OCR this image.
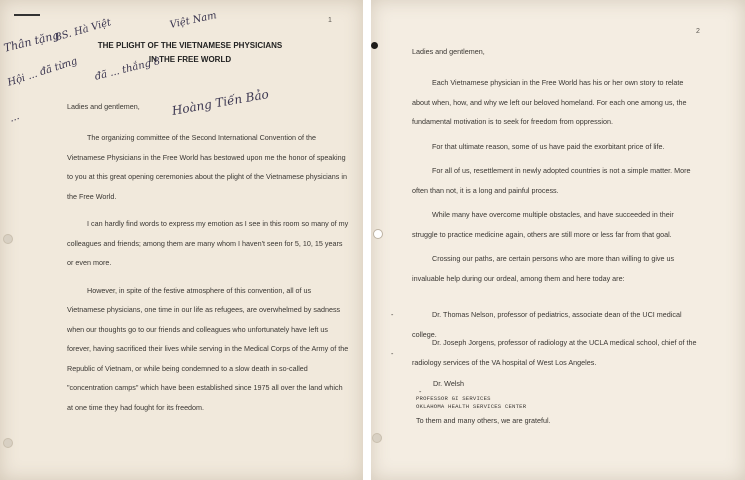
1
THE PLIGHT OF THE VIETNAMESE PHYSICIANS
IN THE FREE WORLD
Ladies and gentlemen,

The organizing committee of the Second International Convention of the Vietnamese Physicians in the Free World has bestowed upon me the honor of speaking to you at this great opening ceremonies about the plight of the Vietnamese physicians in the Free World.

I can hardly find words to express my emotion as I see in this room so many of my colleagues and friends; among them are many whom I haven't seen for 5, 10, 15 years or even more.

However, in spite of the festive atmosphere of this convention, all of us Vietnamese physicians, one time in our life as refugees, are overwhelmed by sadness when our thoughts go to our friends and colleagues who unfortunately have left us forever, having sacrificed their lives while serving in the Medical Corps of the Army of the Republic of Vietnam, or while being condemned to a slow death in so-called "concentration camps" which have been established since 1975 all over the land which at one time they had fought for its freedom.

Thân tặng
BS. Hà Việt	Việt Nam
Hội ... đã từng đã ... thắng 8
...	Hoàng Tiến Bảo
2
Ladies and gentlemen,

Each Vietnamese physician in the Free World has his or her own story to relate about when, how, and why we left our beloved homeland. For each one among us, the fundamental motivation is to seek for freedom from oppression.

For that ultimate reason, some of us have paid the exorbitant price of life.

For all of us, resettlement in newly adopted countries is not a simple matter. More often than not, it is a long and painful process.

While many have overcome multiple obstacles, and have succeeded in their struggle to practice medicine again, others are still more or less far from that goal.

Crossing our paths, are certain persons who are more than willing to give us invaluable help during our ordeal, among them and here today are:

-	Dr. Thomas Nelson, professor of pediatrics, associate dean of the UCI medical college.
-
Dr. Joseph Jorgens, professor of radiology at the UCLA medical school, chief of the radiology services of the VA hospital of West Los Angeles.
-
Dr. Welsh
PROFESSOR GI SERVICES
OKLAHOMA HEALTH SERVICES CENTER
To them and many others, we are grateful.
